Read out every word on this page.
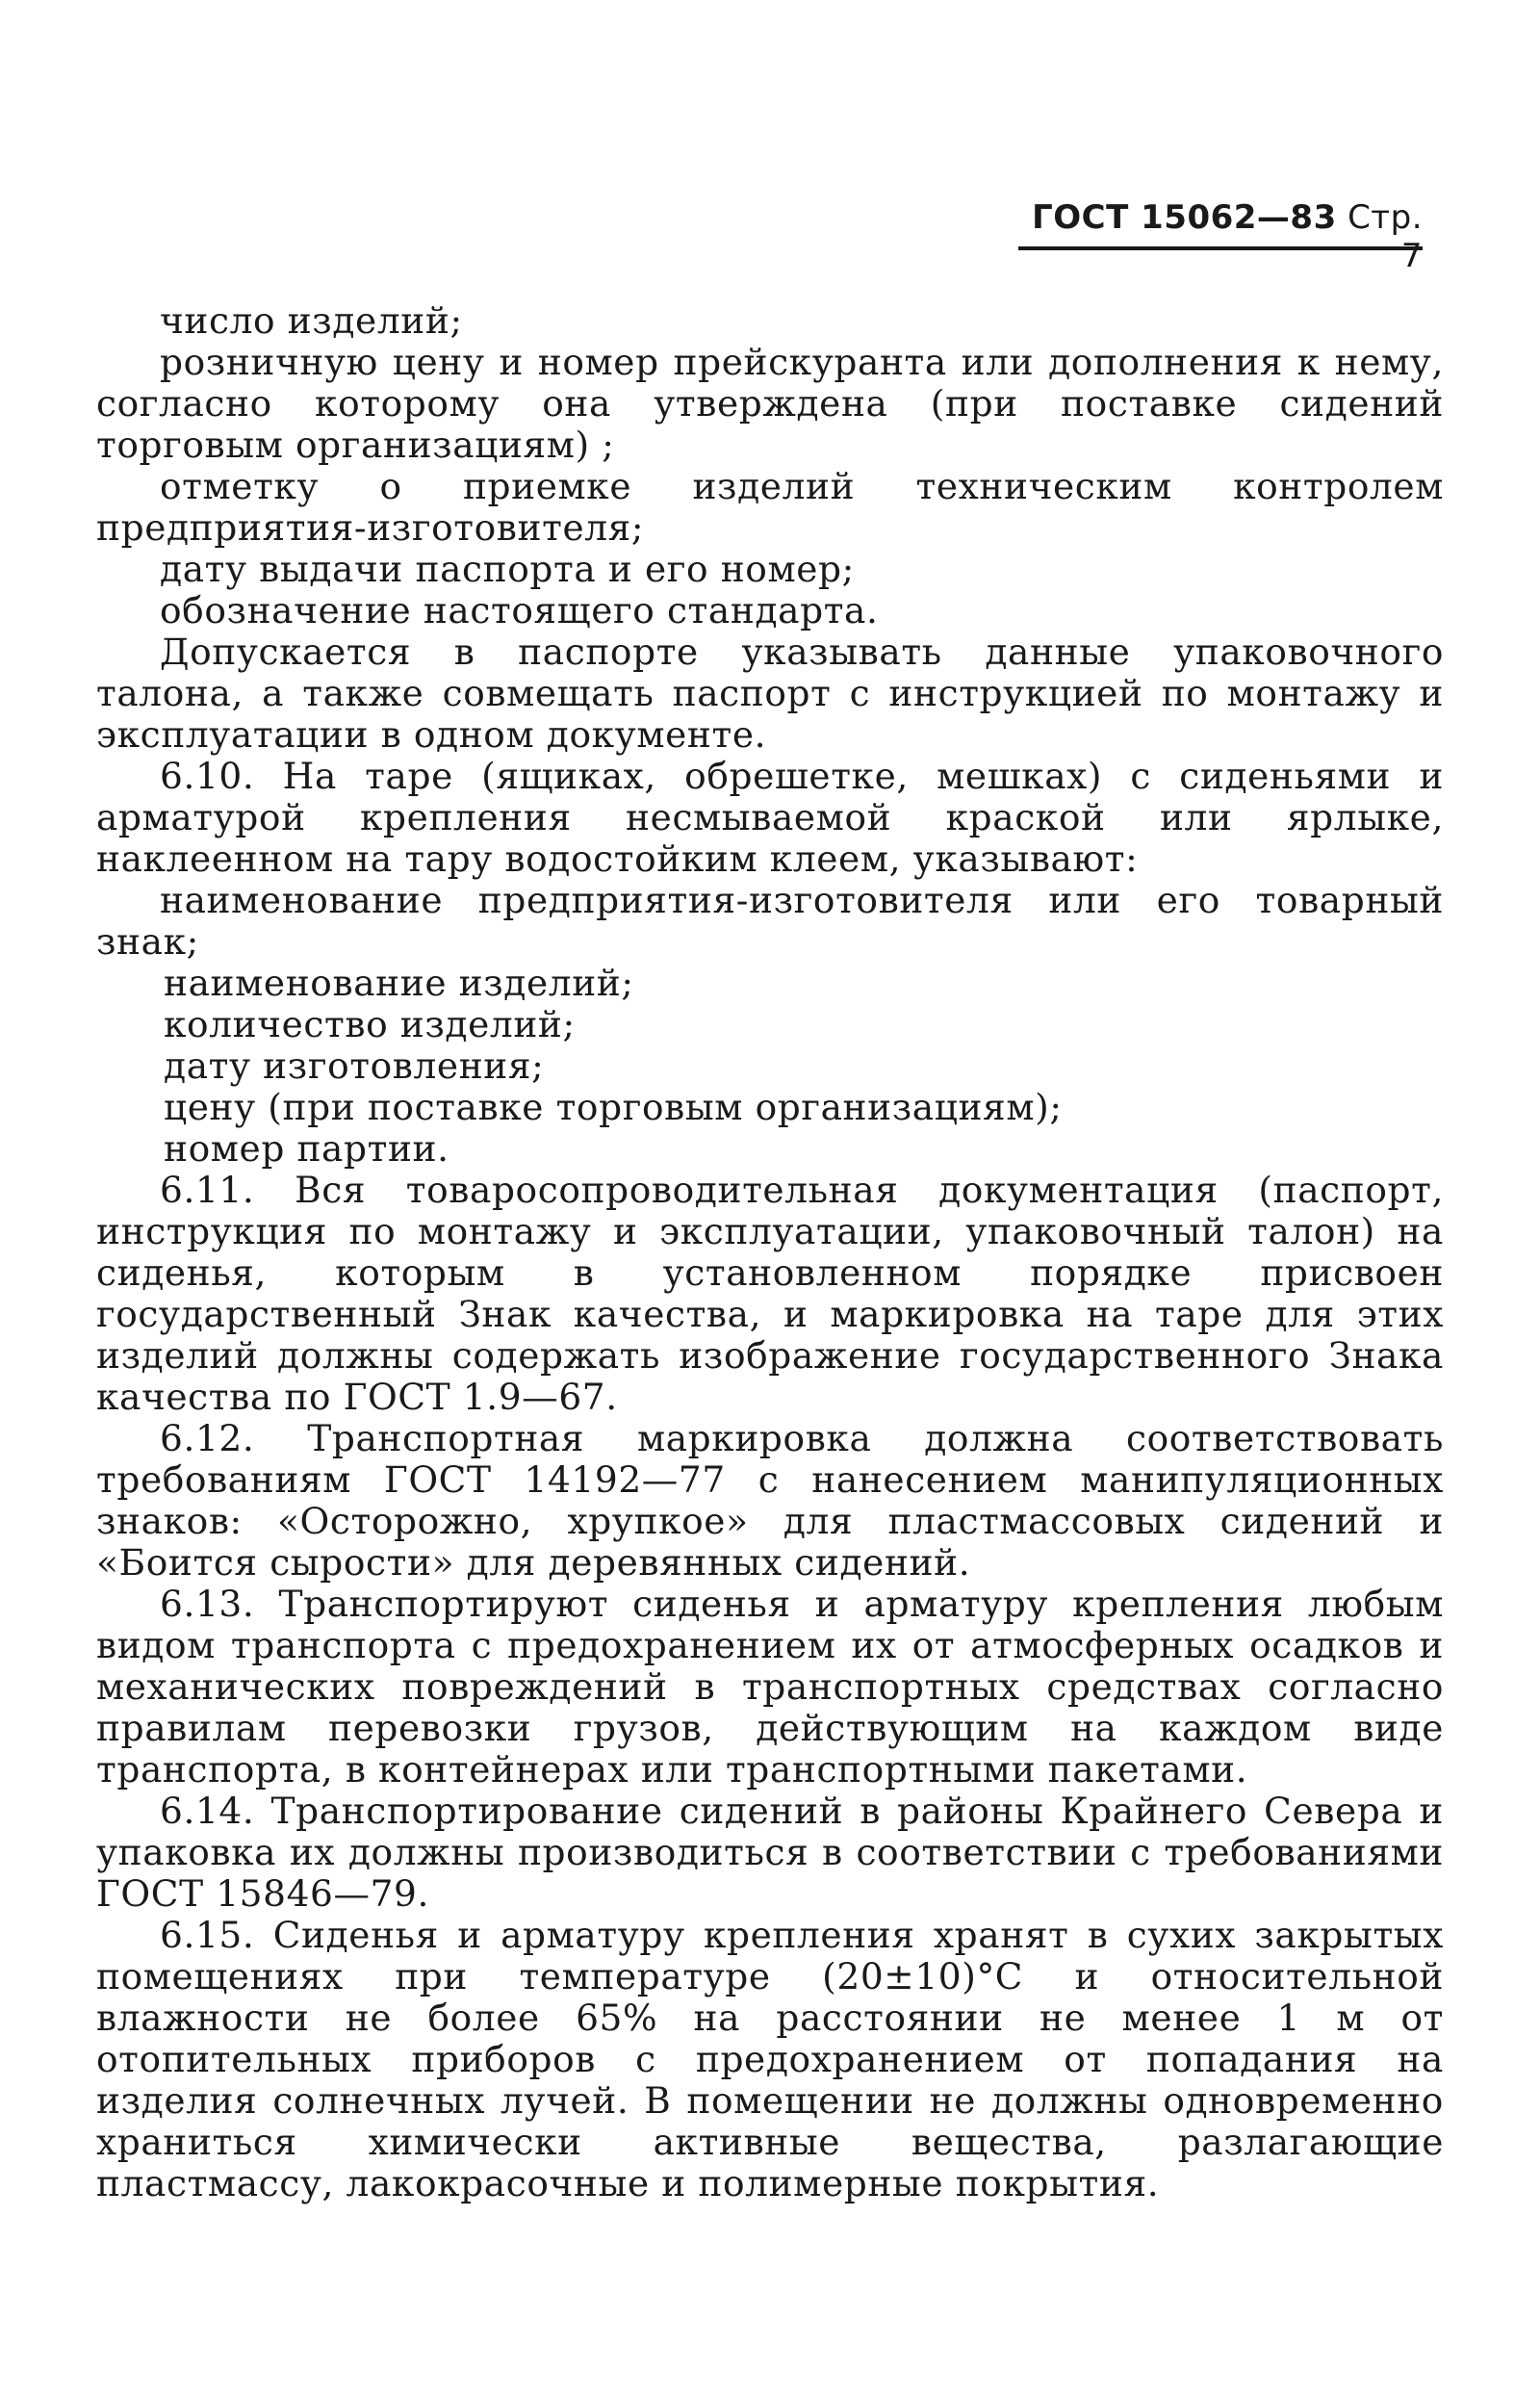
ГОСТ 15062—83 Стр. 7

число изделий;

розничную цену и номер прейскуранта или дополнения к нему, согласно которому она утверждена (при поставке сидений торговым организациям) ;

отметку о приемке изделий техническим контролем предприятия-изготовителя;

дату выдачи паспорта и его номер;

обозначение настоящего стандарта.

Допускается в паспорте указывать данные упаковочного талона, а также совмещать паспорт с инструкцией по монтажу и эксплуатации в одном документе.

6.10. На таре (ящиках, обрешетке, мешках) с сиденьями и арматурой крепления несмываемой краской или ярлыке, наклеенном на тару водостойким клеем, указывают:

наименование предприятия-изготовителя или его товарный знак;

наименование изделий;

количество изделий;

дату изготовления;

цену (при поставке торговым организациям);

номер партии.

6.11. Вся товаросопроводительная документация (паспорт, инструкция по монтажу и эксплуатации, упаковочный талон) на сиденья, которым в установленном порядке присвоен государственный Знак качества, и маркировка на таре для этих изделий должны содержать изображение государственного Знака качества по ГОСТ 1.9—67.

6.12. Транспортная маркировка должна соответствовать требованиям ГОСТ 14192—77 с нанесением манипуляционных знаков: «Осторожно, хрупкое» для пластмассовых сидений и «Боится сырости» для деревянных сидений.

6.13. Транспортируют сиденья и арматуру крепления любым видом транспорта с предохранением их от атмосферных осадков и механических повреждений в транспортных средствах согласно правилам перевозки грузов, действующим на каждом виде транспорта, в контейнерах или транспортными пакетами.

6.14. Транспортирование сидений в районы Крайнего Севера и упаковка их должны производиться в соответствии с требованиями ГОСТ 15846—79.

6.15. Сиденья и арматуру крепления хранят в сухих закрытых помещениях при температуре (20±10)°С и относительной влажности не более 65% на расстоянии не менее 1 м от отопительных приборов с предохранением от попадания на изделия солнечных лучей. В помещении не должны одновременно храниться химически активные вещества, разлагающие пластмассу, лакокрасочные и полимерные покрытия.
